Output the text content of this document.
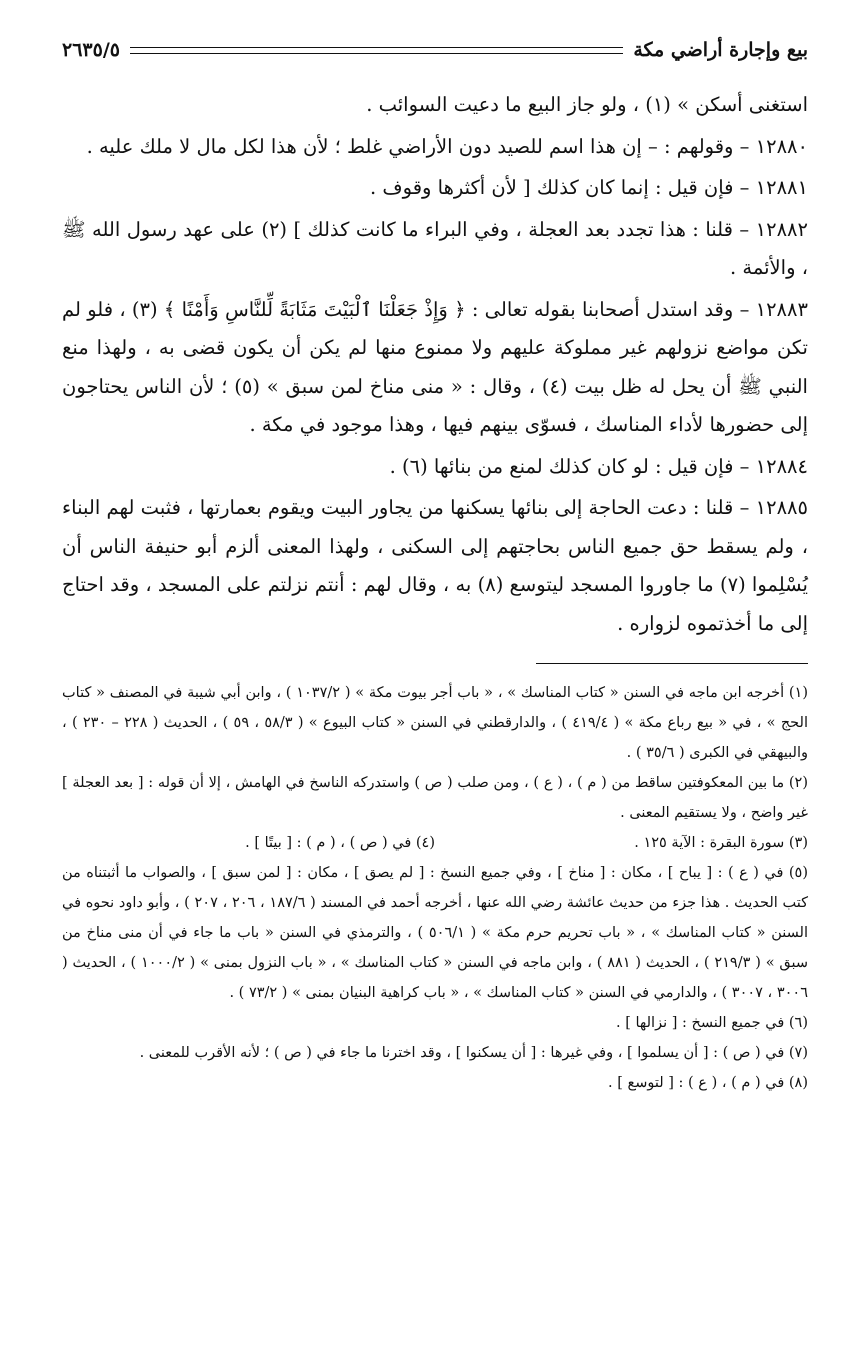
بيع وإجارة أراضي مكة
٢٦٣٥/٥

استغنى أسكن » (١) ، ولو جاز البيع ما دعيت السوائب .

١٢٨٨٠ – وقولهم : – إن هذا اسم للصيد دون الأراضي غلط ؛ لأن هذا لكل مال لا ملك عليه .

١٢٨٨١ – فإن قيل : إنما كان كذلك [ لأن أكثرها وقوف .

١٢٨٨٢ – قلنا : هذا تجدد بعد العجلة ، وفي البراء ما كانت كذلك ] (٢) على عهد رسول الله ﷺ ، والأئمة .

١٢٨٨٣ – وقد استدل أصحابنا بقوله تعالى : ﴿ وَإِذْ جَعَلْنَا ٱلْبَيْتَ مَثَابَةً لِّلنَّاسِ وَأَمْنًا ﴾ (٣) ، فلو لم تكن مواضع نزولهم غير مملوكة عليهم ولا ممنوع منها لم يكن أن يكون قضى به ، ولهذا منع النبي ﷺ أن يحل له ظل بيت (٤) ، وقال : « منى مناخ لمن سبق » (٥) ؛ لأن الناس يحتاجون إلى حضورها لأداء المناسك ، فسوّى بينهم فيها ، وهذا موجود في مكة .

١٢٨٨٤ – فإن قيل : لو كان كذلك لمنع من بنائها (٦) .

١٢٨٨٥ – قلنا : دعت الحاجة إلى بنائها يسكنها من يجاور البيت ويقوم بعمارتها ، فثبت لهم البناء ، ولم يسقط حق جميع الناس بحاجتهم إلى السكنى ، ولهذا المعنى ألزم أبو حنيفة الناس أن يُسْلِموا (٧) ما جاوروا المسجد ليتوسع (٨) به ، وقال لهم : أنتم نزلتم على المسجد ، وقد احتاج إلى ما أخذتموه لزواره .

(١) أخرجه ابن ماجه في السنن « كتاب المناسك » ، « باب أجر بيوت مكة » ( ١٠٣٧/٢ ) ، وابن أبي شيبة في المصنف « كتاب الحج » ، في « بيع رباع مكة » ( ٤١٩/٤ ) ، والدارقطني في السنن « كتاب البيوع » ( ٥٨/٣ ، ٥٩ ) ، الحديث ( ٢٢٨ – ٢٣٠ ) ، والبيهقي في الكبرى ( ٣٥/٦ ) .

(٢) ما بين المعكوفتين ساقط من ( م ) ، ( ع ) ، ومن صلب ( ص ) واستدركه الناسخ في الهامش ، إلا أن قوله : [ بعد العجلة ] غير واضح ، ولا يستقيم المعنى .

(٣) سورة البقرة : الآية ١٢٥ .
(٤) في ( ص ) ، ( م ) : [ بيتًا ] .

(٥) في ( ع ) : [ يباح ] ، مكان : [ مناخ ] ، وفي جميع النسخ : [ لم يصق ] ، مكان : [ لمن سبق ] ، والصواب ما أثبتناه من كتب الحديث . هذا جزء من حديث عائشة رضي الله عنها ، أخرجه أحمد في المسند ( ١٨٧/٦ ، ٢٠٦ ، ٢٠٧ ) ، وأبو داود نحوه في السنن « كتاب المناسك » ، « باب تحريم حرم مكة » ( ٥٠٦/١ ) ، والترمذي في السنن « باب ما جاء في أن منى مناخ من سبق » ( ٢١٩/٣ ) ، الحديث ( ٨٨١ ) ، وابن ماجه في السنن « كتاب المناسك » ، « باب النزول بمنى » ( ١٠٠٠/٢ ) ، الحديث ( ٣٠٠٦ ، ٣٠٠٧ ) ، والدارمي في السنن « كتاب المناسك » ، « باب كراهية البنيان بمنى » ( ٧٣/٢ ) .

(٦) في جميع النسخ : [ نزالها ] .

(٧) في ( ص ) : [ أن يسلموا ] ، وفي غيرها : [ أن يسكنوا ] ، وقد اخترنا ما جاء في ( ص ) ؛ لأنه الأقرب للمعنى .

(٨) في ( م ) ، ( ع ) : [ لتوسع ] .
